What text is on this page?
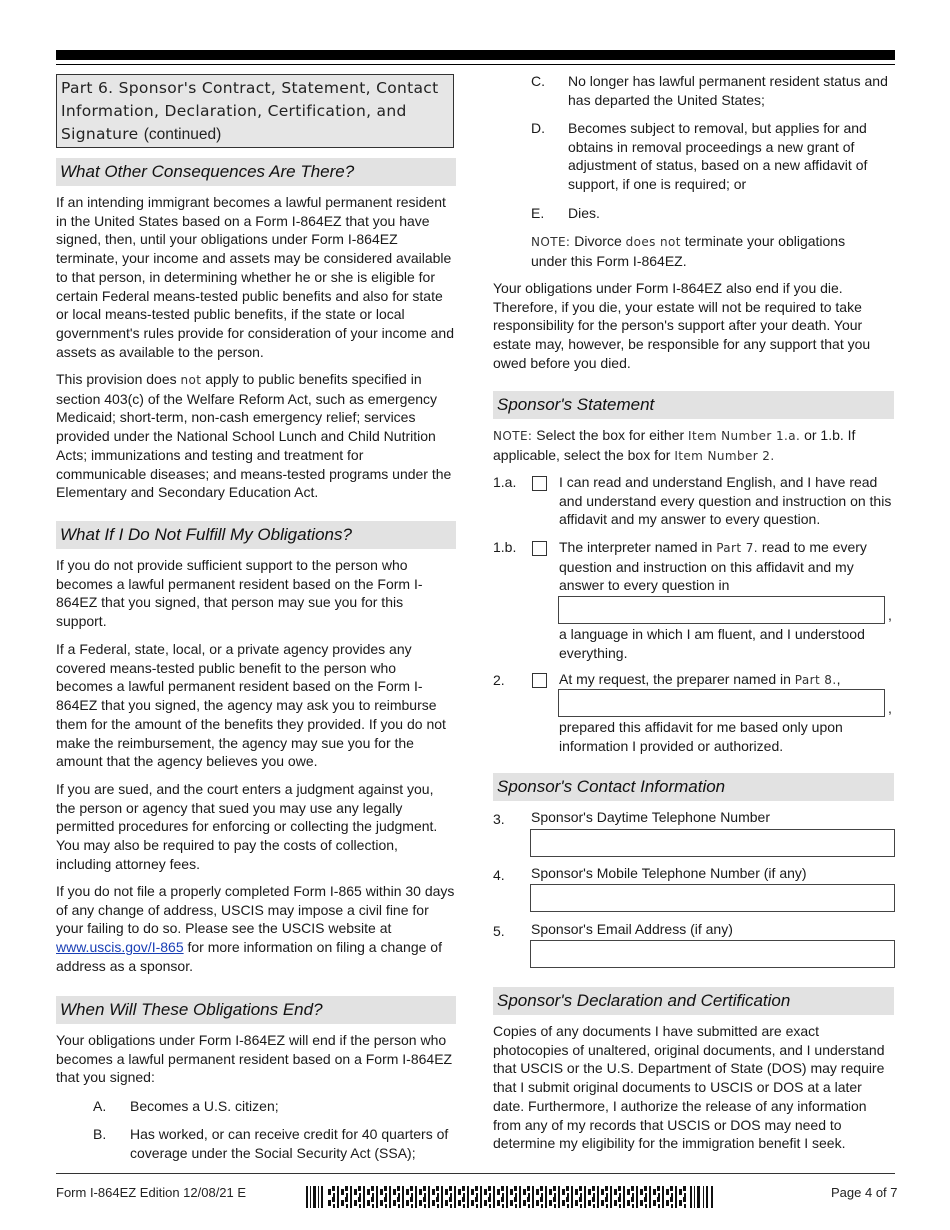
Part 6. Sponsor's Contract, Statement, Contact Information, Declaration, Certification, and Signature (continued)
What Other Consequences Are There?

If an intending immigrant becomes a lawful permanent resident in the United States based on a Form I-864EZ that you have signed, then, until your obligations under Form I-864EZ terminate, your income and assets may be considered available to that person, in determining whether he or she is eligible for certain Federal means-tested public benefits and also for state or local means-tested public benefits, if the state or local government's rules provide for consideration of your income and assets as available to the person.

This provision does not apply to public benefits specified in section 403(c) of the Welfare Reform Act, such as emergency Medicaid; short-term, non-cash emergency relief; services provided under the National School Lunch and Child Nutrition Acts; immunizations and testing and treatment for communicable diseases; and means-tested programs under the Elementary and Secondary Education Act.

What If I Do Not Fulfill My Obligations?

If you do not provide sufficient support to the person who becomes a lawful permanent resident based on the Form I-864EZ that you signed, that person may sue you for this support.

If a Federal, state, local, or a private agency provides any covered means-tested public benefit to the person who becomes a lawful permanent resident based on the Form I-864EZ that you signed, the agency may ask you to reimburse them for the amount of the benefits they provided. If you do not make the reimbursement, the agency may sue you for the amount that the agency believes you owe.

If you are sued, and the court enters a judgment against you, the person or agency that sued you may use any legally permitted procedures for enforcing or collecting the judgment. You may also be required to pay the costs of collection, including attorney fees.

If you do not file a properly completed Form I-865 within 30 days of any change of address, USCIS may impose a civil fine for your failing to do so. Please see the USCIS website at www.uscis.gov/I-865 for more information on filing a change of address as a sponsor.

When Will These Obligations End?

Your obligations under Form I-864EZ will end if the person who becomes a lawful permanent resident based on a Form I-864EZ that you signed:

A. Becomes a U.S. citizen;
B. Has worked, or can receive credit for 40 quarters of coverage under the Social Security Act (SSA);
C. No longer has lawful permanent resident status and has departed the United States;
D. Becomes subject to removal, but applies for and obtains in removal proceedings a new grant of adjustment of status, based on a new affidavit of support, if one is required; or
E. Dies.

NOTE: Divorce does not terminate your obligations under this Form I-864EZ.

Your obligations under Form I-864EZ also end if you die. Therefore, if you die, your estate will not be required to take responsibility for the person's support after your death. Your estate may, however, be responsible for any support that you owed before you died.

Sponsor's Statement

NOTE: Select the box for either Item Number 1.a. or 1.b. If applicable, select the box for Item Number 2.

1.a.	I can read and understand English, and I have read and understand every question and instruction on this affidavit and my answer to every question.

1.b.	The interpreter named in Part 7. read to me every question and instruction on this affidavit and my answer to every question in

,

a language in which I am fluent, and I understood everything.

2.	At my request, the preparer named in Part 8.,

,

prepared this affidavit for me based only upon information I provided or authorized.

Sponsor's Contact Information
3. Sponsor's Daytime Telephone Number
4. Sponsor's Mobile Telephone Number (if any)
5. Sponsor's Email Address (if any)
Sponsor's Declaration and Certification

Copies of any documents I have submitted are exact photocopies of unaltered, original documents, and I understand that USCIS or the U.S. Department of State (DOS) may require that I submit original documents to USCIS or DOS at a later date. Furthermore, I authorize the release of any information from any of my records that USCIS or DOS may need to determine my eligibility for the immigration benefit I seek.

Form I-864EZ Edition 12/08/21 E	Page 4 of 7
